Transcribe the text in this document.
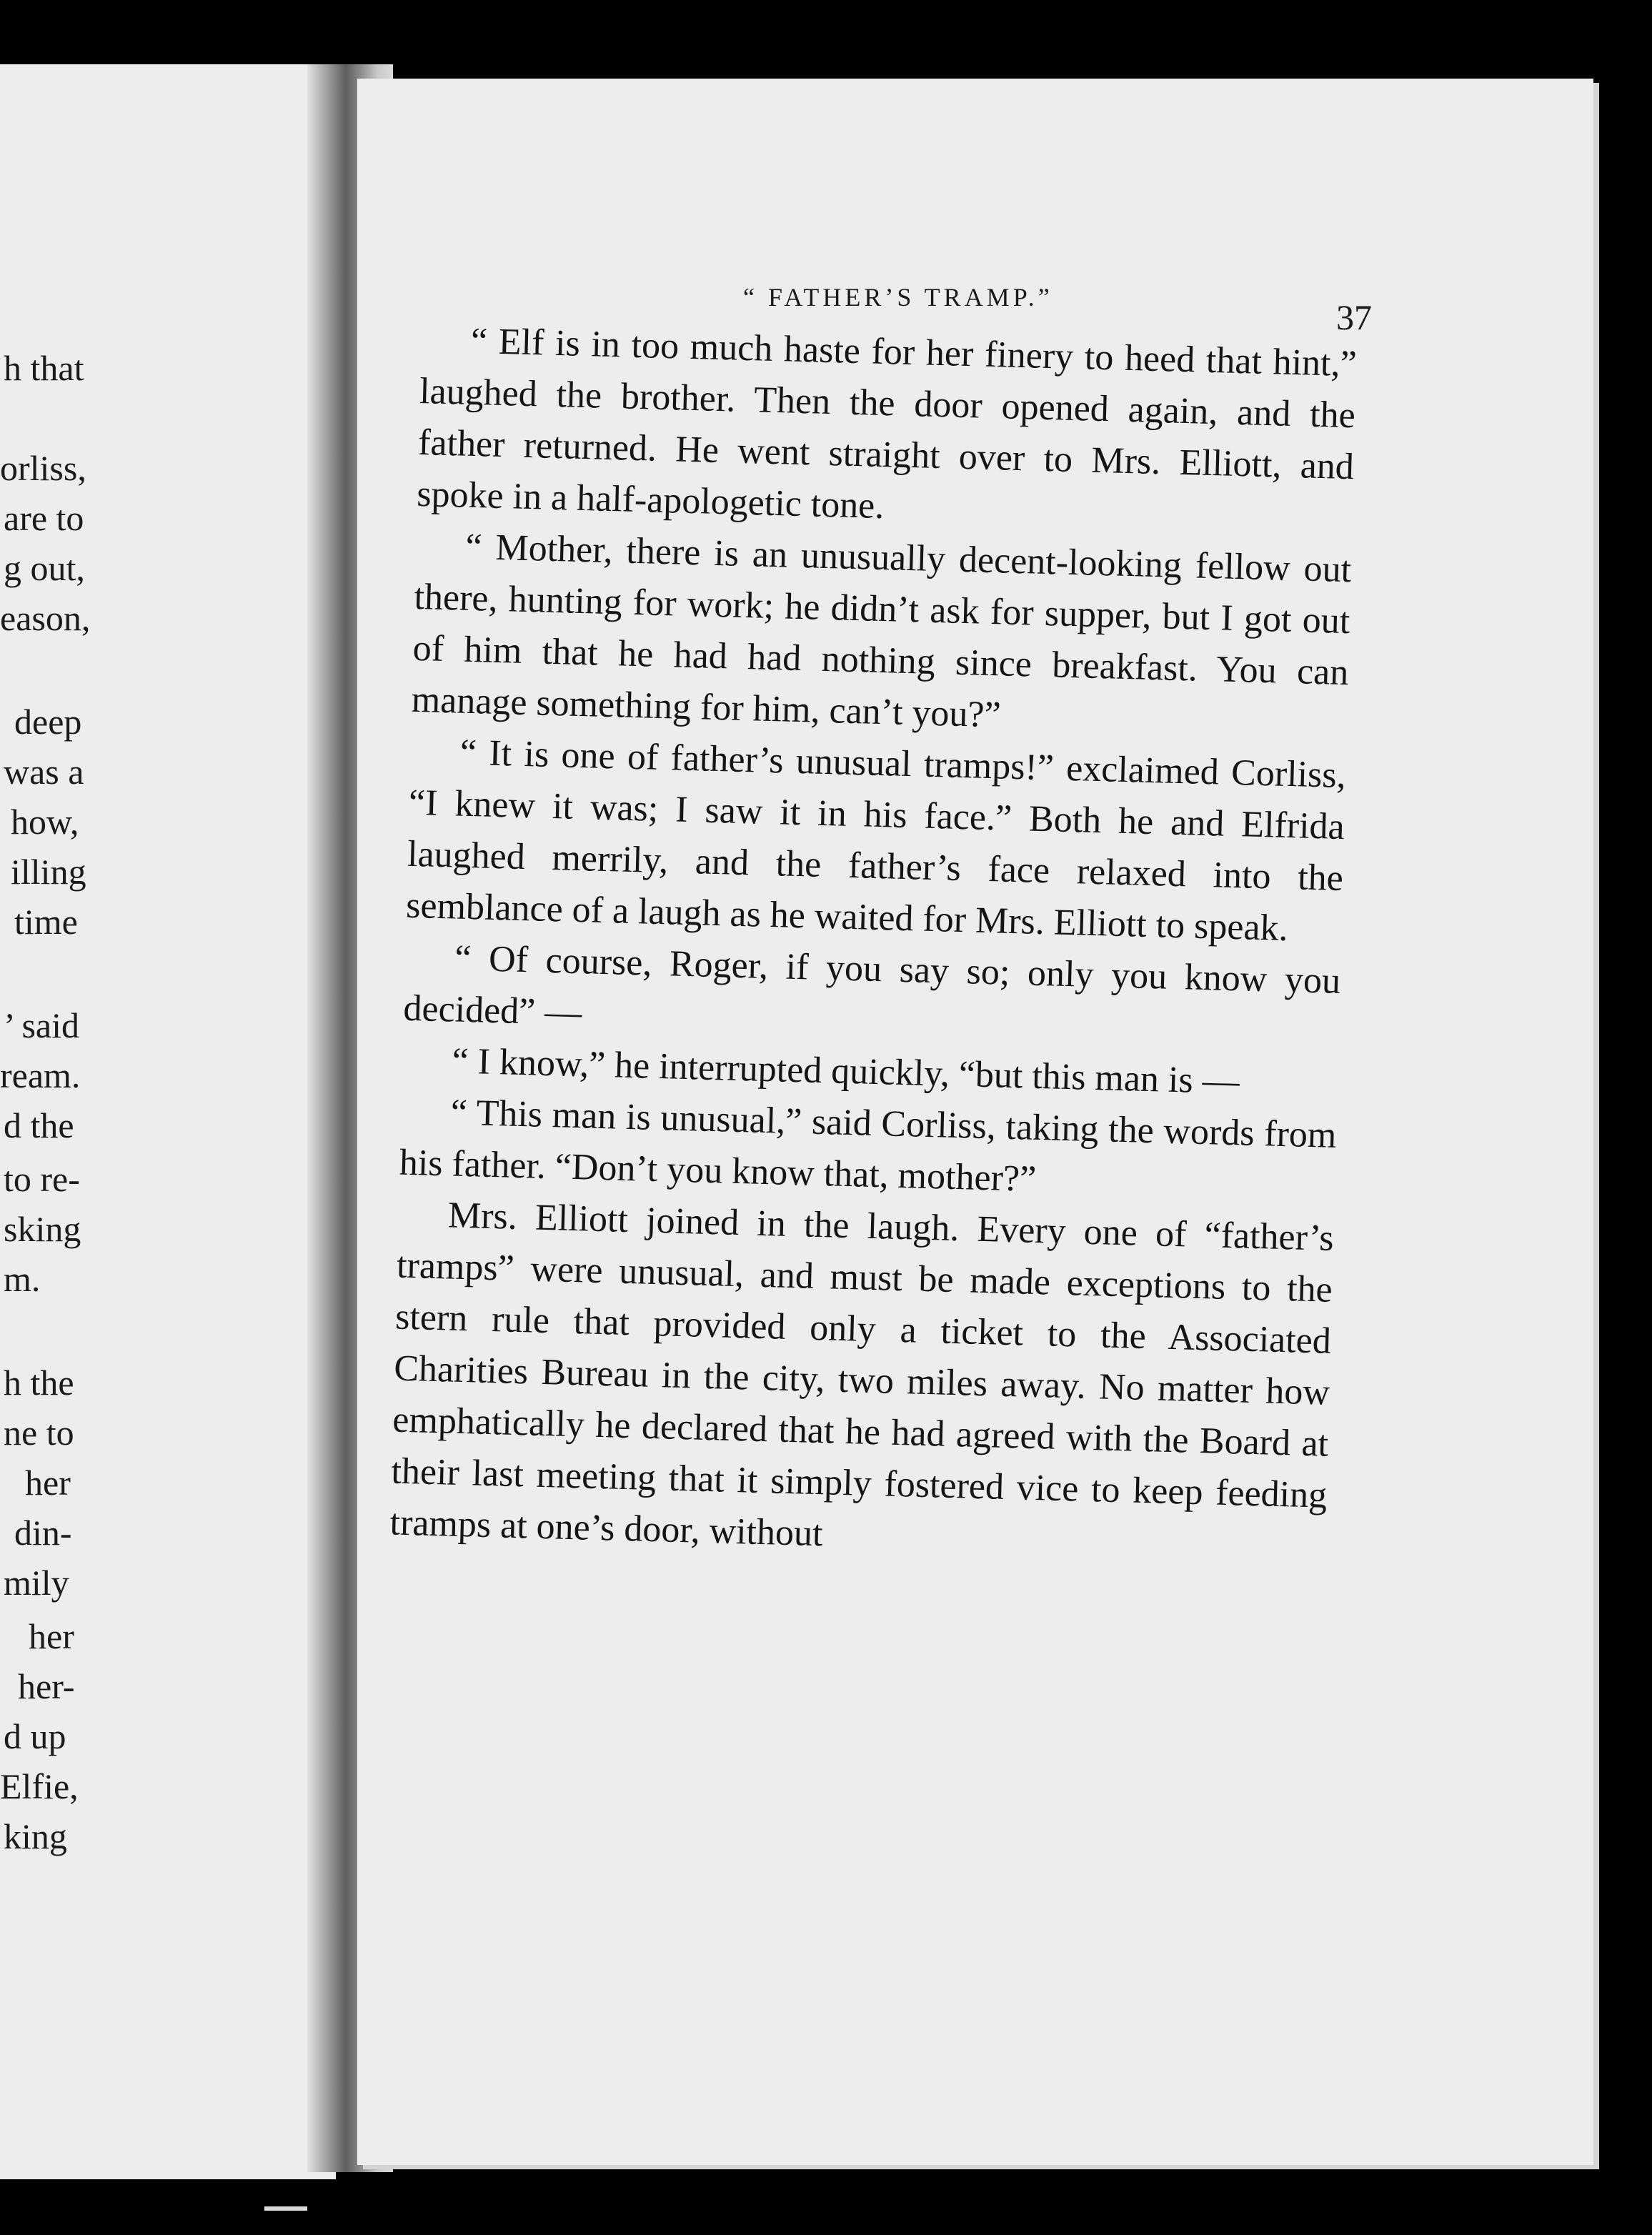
h that
orliss,
are to
g out,
eason,
deep
was a
how,
illing
time
’ said
ream.
d the
to re-
sking
m.
h the
ne to
her
din-
mily
her
her-
d up
Elfie,
king
“ FATHER’S TRAMP.”	37

“ Elf is in too much haste for her finery to heed that hint,” laughed the brother. Then the door opened again, and the father returned. He went straight over to Mrs. Elliott, and spoke in a half-apologetic tone.

“ Mother, there is an unusually decent-looking fellow out there, hunting for work; he didn’t ask for supper, but I got out of him that he had had nothing since breakfast. You can manage something for him, can’t you?”

“ It is one of father’s unusual tramps!” exclaimed Corliss, “I knew it was; I saw it in his face.” Both he and Elfrida laughed merrily, and the father’s face relaxed into the semblance of a laugh as he waited for Mrs. Elliott to speak.

“ Of course, Roger, if you say so; only you know you decided” —

“ I know,” he interrupted quickly, “but this man is —

“ This man is unusual,” said Corliss, taking the words from his father. “Don’t you know that, mother?”

Mrs. Elliott joined in the laugh. Every one of “father’s tramps” were unusual, and must be made exceptions to the stern rule that provided only a ticket to the Associated Charities Bureau in the city, two miles away. No matter how emphatically he declared that he had agreed with the Board at their last meeting that it simply fostered vice to keep feeding tramps at one’s door, without
